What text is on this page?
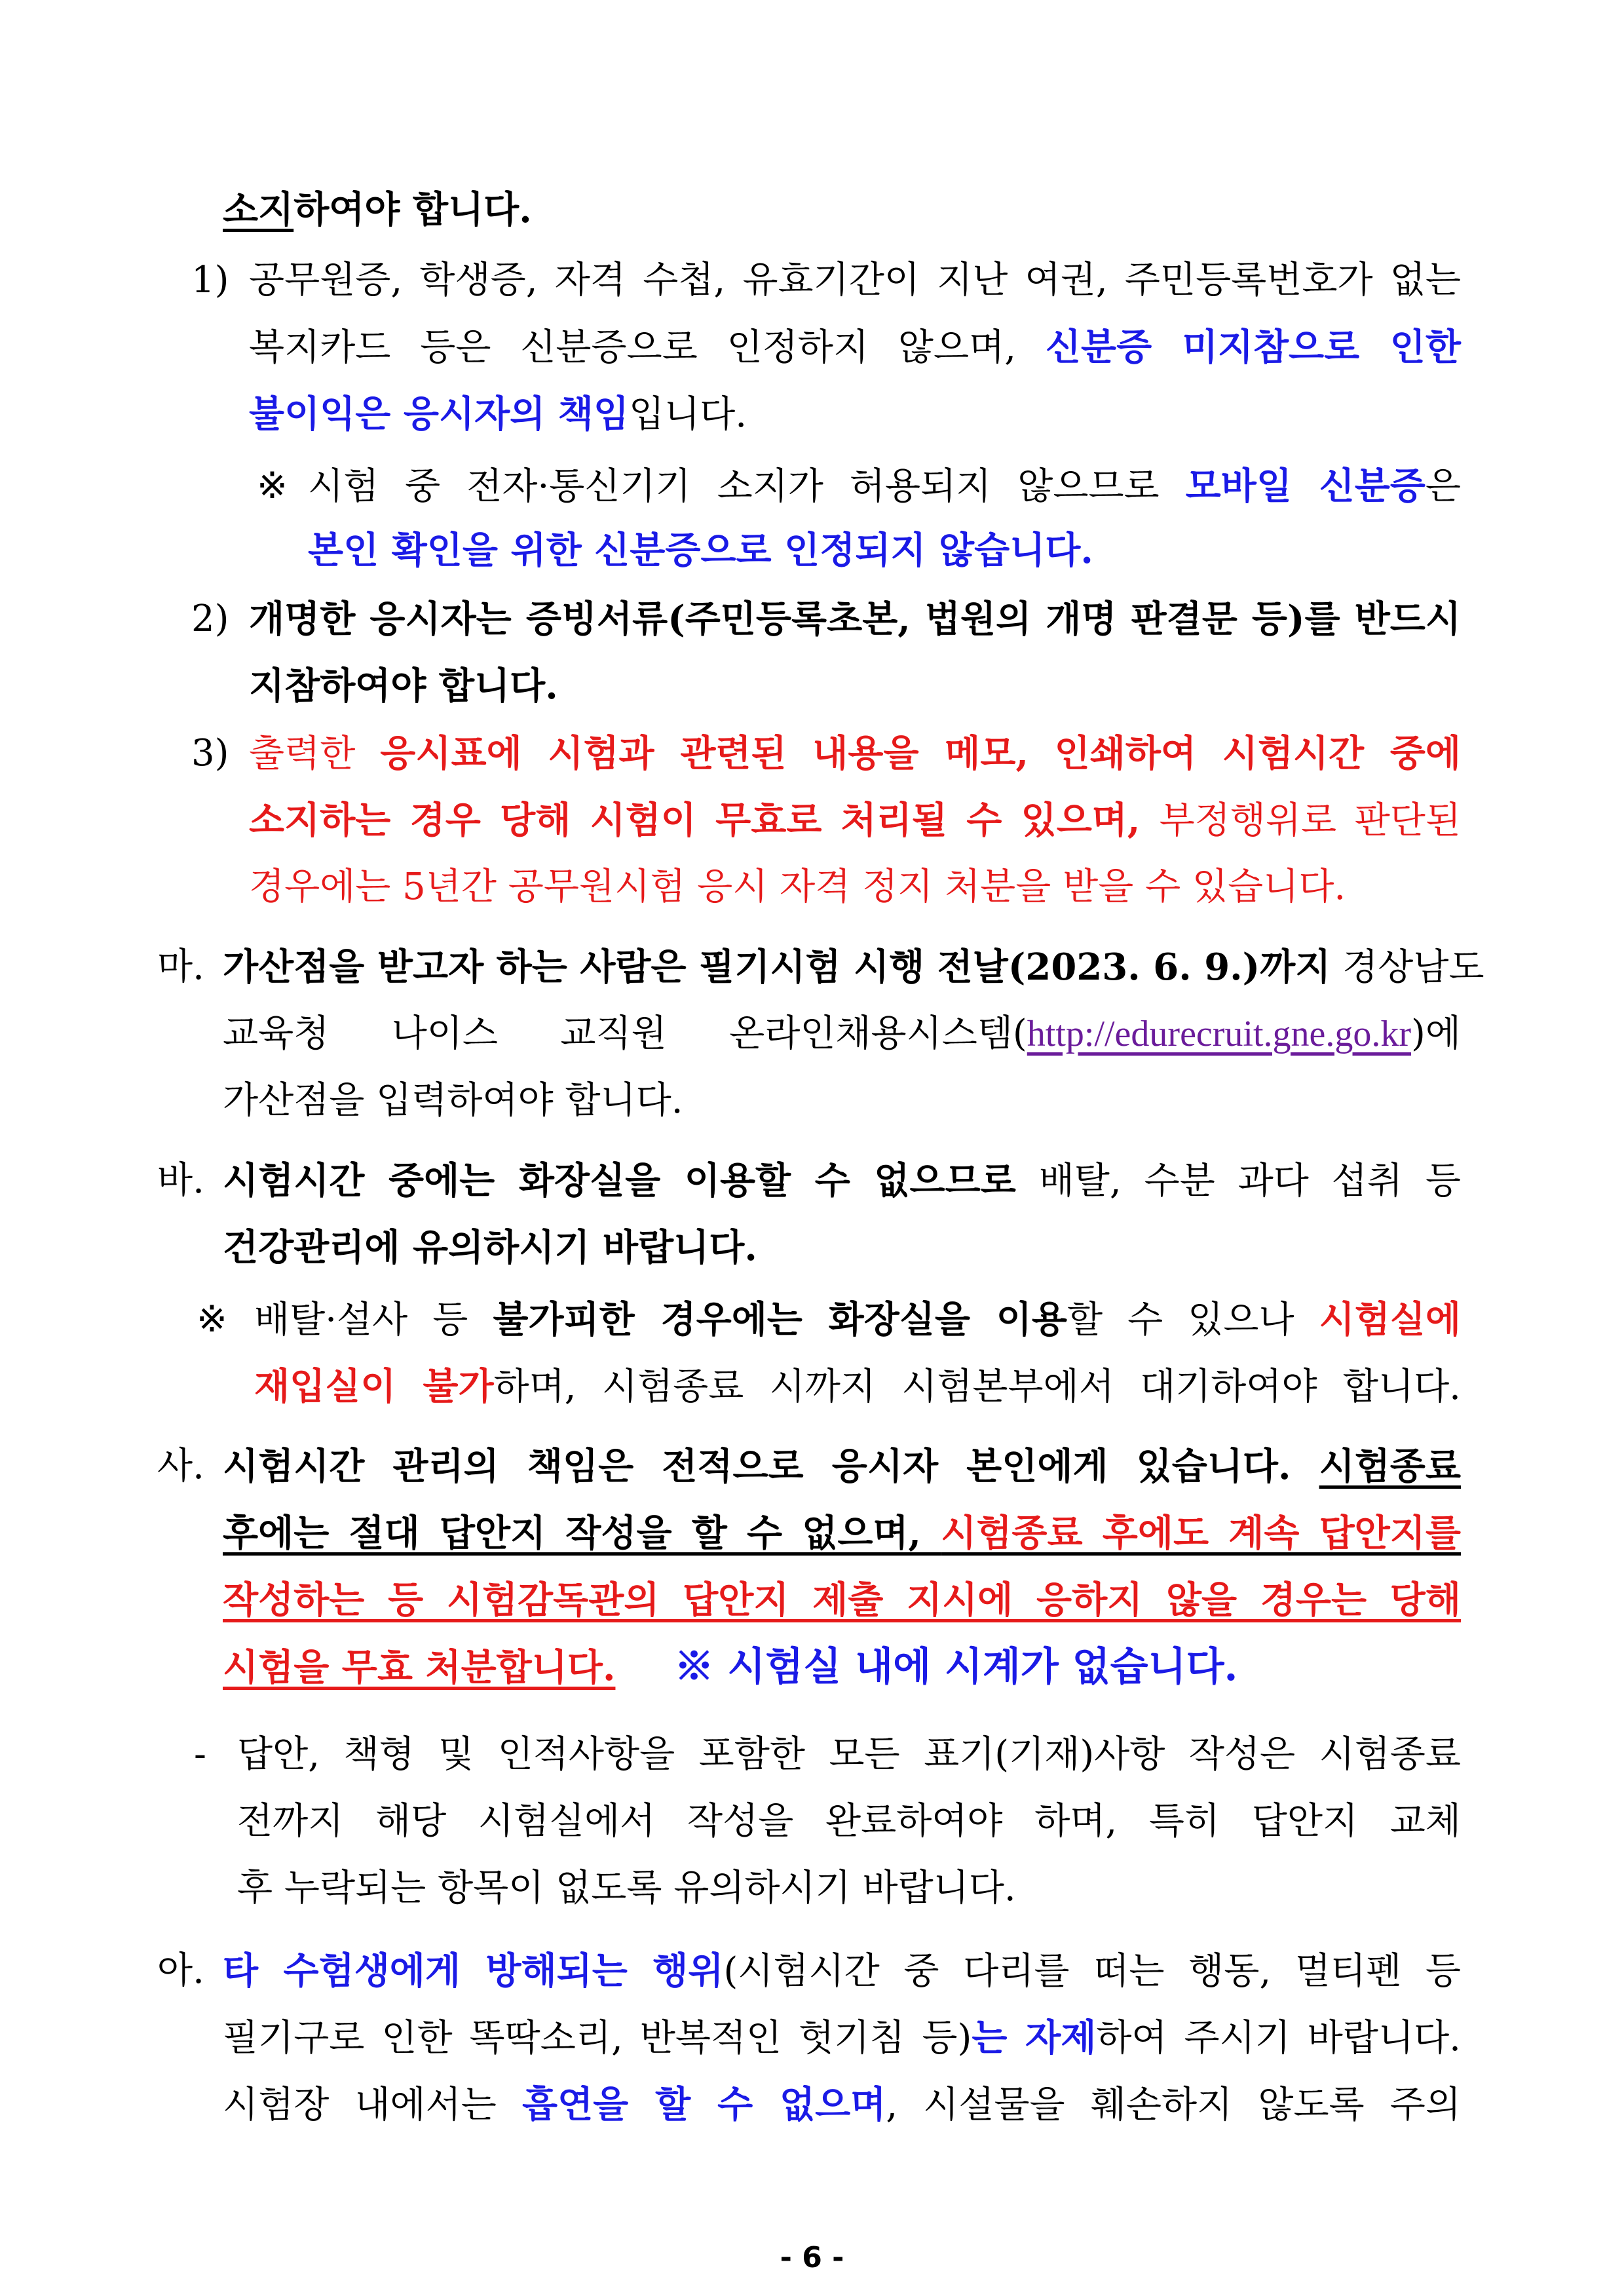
소지하여야 합니다.
1) 공무원증, 학생증, 자격 수첩, 유효기간이 지난 여권, 주민등록번호가 없는
복지카드 등은 신분증으로 인정하지 않으며, 신분증 미지참으로 인한
불이익은 응시자의 책임입니다.
※ 시험 중 전자·통신기기 소지가 허용되지 않으므로 모바일 신분증은
본인 확인을 위한 신분증으로 인정되지 않습니다.
2) 개명한 응시자는 증빙서류(주민등록초본, 법원의 개명 판결문 등)를 반드시
지참하여야 합니다.
3) 출력한 응시표에 시험과 관련된 내용을 메모, 인쇄하여 시험시간 중에
소지하는 경우 당해 시험이 무효로 처리될 수 있으며, 부정행위로 판단된
경우에는 5년간 공무원시험 응시 자격 정지 처분을 받을 수 있습니다.
마. 가산점을 받고자 하는 사람은 필기시험 시행 전날(2023. 6. 9.)까지 경상남도
교육청 나이스 교직원 온라인채용시스템(http://edurecruit.gne.go.kr)에
가산점을 입력하여야 합니다.
바. 시험시간 중에는 화장실을 이용할 수 없으므로 배탈, 수분 과다 섭취 등
건강관리에 유의하시기 바랍니다.
※ 배탈·설사 등 불가피한 경우에는 화장실을 이용할 수 있으나 시험실에
재입실이 불가하며, 시험종료 시까지 시험본부에서 대기하여야 합니다.
사. 시험시간 관리의 책임은 전적으로 응시자 본인에게 있습니다. 시험종료
후에는 절대 답안지 작성을 할 수 없으며, 시험종료 후에도 계속 답안지를
작성하는 등 시험감독관의 답안지 제출 지시에 응하지 않을 경우는 당해
시험을 무효 처분합니다. ※ 시험실 내에 시계가 없습니다.
- 답안, 책형 및 인적사항을 포함한 모든 표기(기재)사항 작성은 시험종료
전까지 해당 시험실에서 작성을 완료하여야 하며, 특히 답안지 교체
후 누락되는 항목이 없도록 유의하시기 바랍니다.
아. 타 수험생에게 방해되는 행위(시험시간 중 다리를 떠는 행동, 멀티펜 등
필기구로 인한 똑딱소리, 반복적인 헛기침 등)는 자제하여 주시기 바랍니다.
시험장 내에서는 흡연을 할 수 없으며, 시설물을 훼손하지 않도록 주의
- 6 -
